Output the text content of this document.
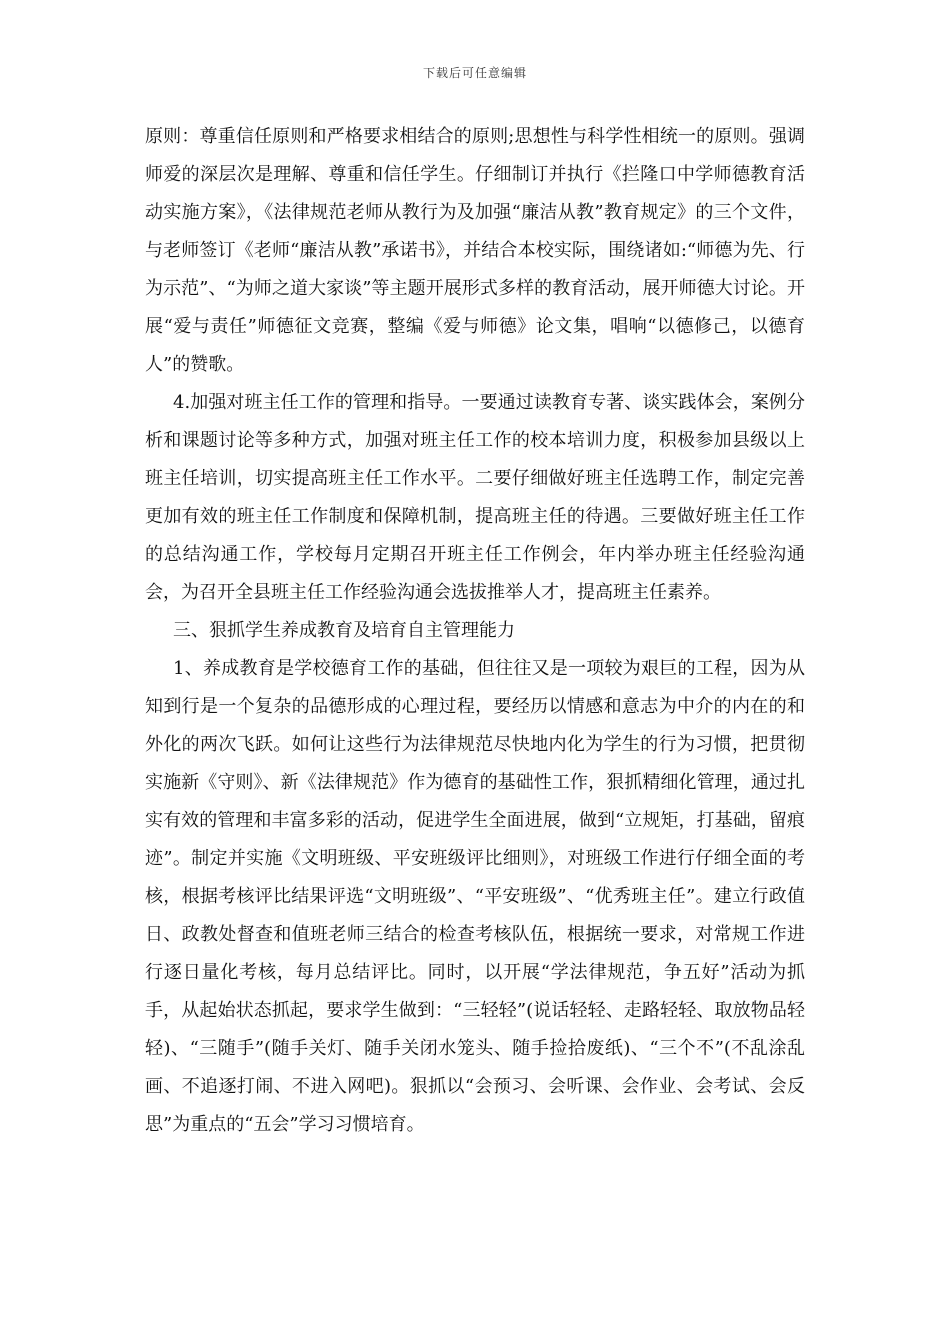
下载后可任意编辑

原则：尊重信任原则和严格要求相结合的原则;思想性与科学性相统一的原则。强调师爱的深层次是理解、尊重和信任学生。仔细制订并执行《拦隆口中学师德教育活动实施方案》，《法律规范老师从教行为及加强“廉洁从教”教育规定》的三个文件，与老师签订《老师“廉洁从教”承诺书》，并结合本校实际，围绕诸如:“师德为先、行为示范”、“为师之道大家谈”等主题开展形式多样的教育活动，展开师德大讨论。开展“爱与责任”师德征文竞赛，整编《爱与师德》论文集，唱响“以德修己，以德育人”的赞歌。

4.加强对班主任工作的管理和指导。一要通过读教育专著、谈实践体会，案例分析和课题讨论等多种方式，加强对班主任工作的校本培训力度，积极参加县级以上班主任培训，切实提高班主任工作水平。二要仔细做好班主任选聘工作，制定完善更加有效的班主任工作制度和保障机制，提高班主任的待遇。三要做好班主任工作的总结沟通工作，学校每月定期召开班主任工作例会，年内举办班主任经验沟通会，为召开全县班主任工作经验沟通会选拔推举人才，提高班主任素养。

三、狠抓学生养成教育及培育自主管理能力

1、养成教育是学校德育工作的基础，但往往又是一项较为艰巨的工程，因为从知到行是一个复杂的品德形成的心理过程，要经历以情感和意志为中介的内在的和外化的两次飞跃。如何让这些行为法律规范尽快地内化为学生的行为习惯，把贯彻实施新《守则》、新《法律规范》作为德育的基础性工作，狠抓精细化管理，通过扎实有效的管理和丰富多彩的活动，促进学生全面进展，做到“立规矩，打基础，留痕迹”。制定并实施《文明班级、平安班级评比细则》，对班级工作进行仔细全面的考核，根据考核评比结果评选“文明班级”、“平安班级”、“优秀班主任”。建立行政值日、政教处督查和值班老师三结合的检查考核队伍，根据统一要求，对常规工作进行逐日量化考核，每月总结评比。同时，以开展“学法律规范，争五好”活动为抓手，从起始状态抓起，要求学生做到：“三轻轻”(说话轻轻、走路轻轻、取放物品轻轻)、“三随手”(随手关灯、随手关闭水笼头、随手捡拾废纸)、“三个不”(不乱涂乱画、不追逐打闹、不进入网吧)。狠抓以“会预习、会听课、会作业、会考试、会反思”为重点的“五会”学习习惯培育。
